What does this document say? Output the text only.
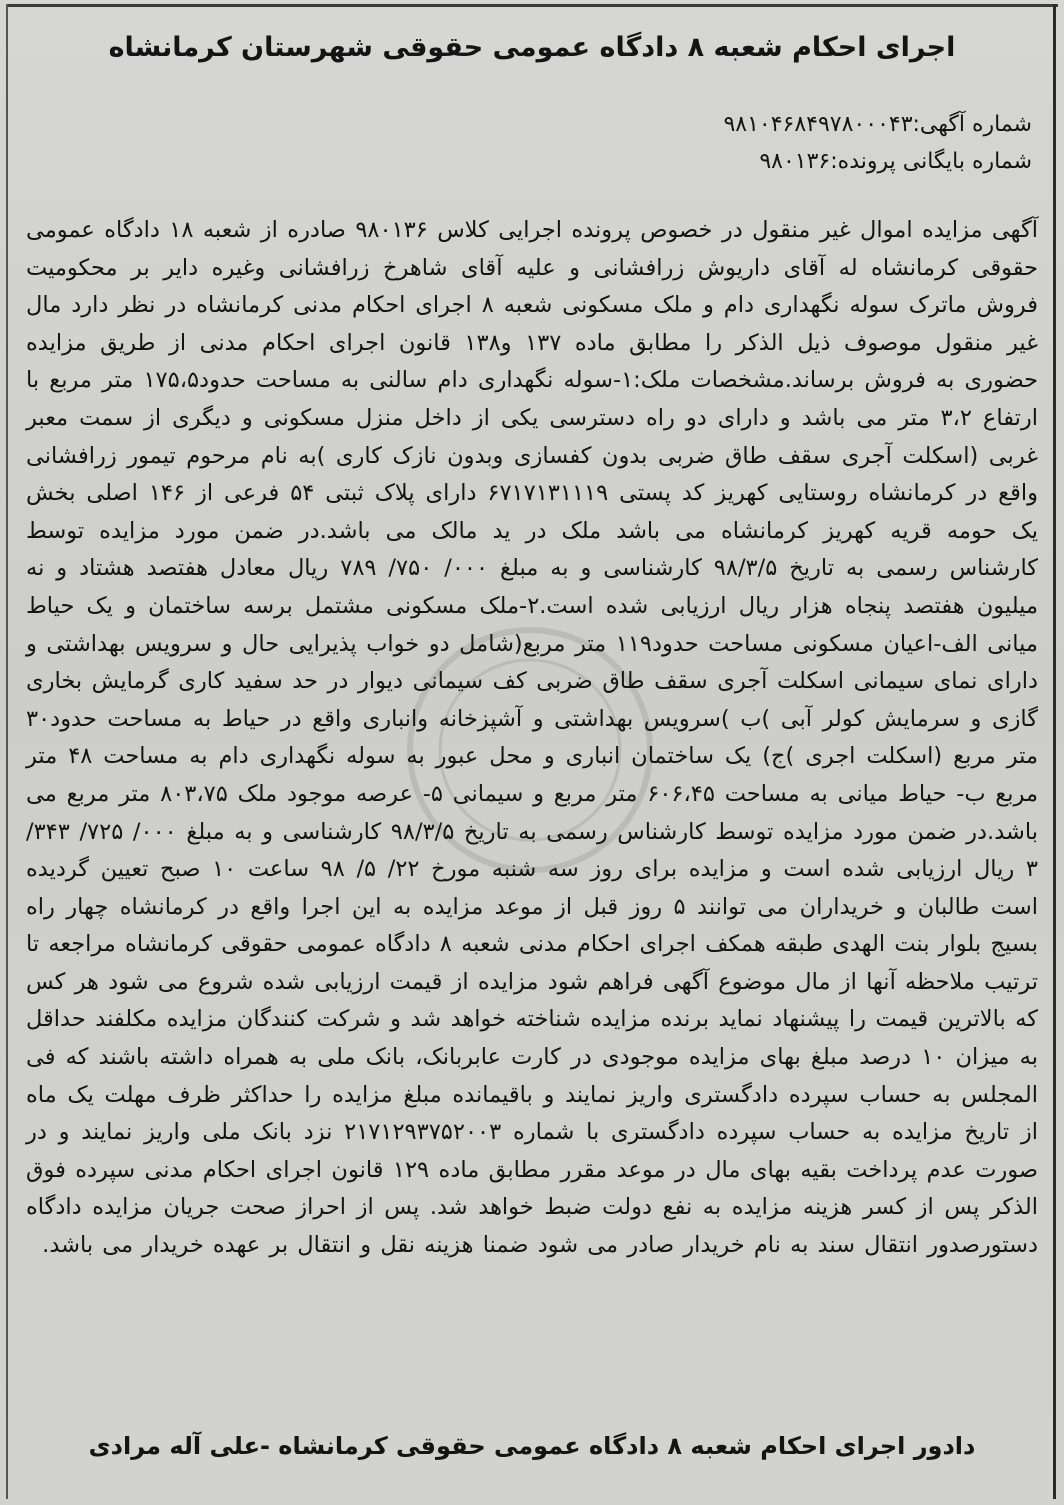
اجرای احکام شعبه ۸ دادگاه عمومی حقوقی شهرستان کرمانشاه
شماره آگهی:۹۸۱۰۴۶۸۴۹۷۸۰۰۰۴۳
شماره بایگانی پرونده:۹۸۰۱۳۶
آگهی مزایده اموال غیر منقول در خصوص پرونده اجرایی کلاس ۹۸۰۱۳۶ صادره از شعبه ۱۸ دادگاه عمومی حقوقی کرمانشاه له آقای داریوش زرافشانی و علیه آقای شاهرخ زرافشانی وغیره دایر بر محکومیت فروش ماترک سوله نگهداری دام و ملک مسکونی شعبه ۸ اجرای احکام مدنی کرمانشاه در نظر دارد مال غیر منقول موصوف ذیل الذکر را مطابق ماده ۱۳۷ و۱۳۸ قانون اجرای احکام مدنی از طریق مزایده حضوری به فروش برساند.مشخصات ملک:۱-سوله نگهداری دام سالنی به مساحت حدود۱۷۵،۵ متر مربع با ارتفاع ۳،۲ متر می باشد و دارای دو راه دسترسی یکی از داخل منزل مسکونی و دیگری از سمت معبر غربی (اسکلت آجری سقف طاق ضربی بدون کفسازی وبدون نازک کاری )به نام مرحوم تیمور زرافشانی واقع در کرمانشاه روستایی کهریز کد پستی ۶۷۱۷۱۳۱۱۱۹ دارای پلاک ثبتی ۵۴ فرعی از ۱۴۶ اصلی بخش یک حومه قریه کهریز کرمانشاه می باشد ملک در ید مالک می باشد.در ضمن مورد مزایده توسط کارشناس رسمی به تاریخ ۹۸/۳/۵ کارشناسی و به مبلغ ۰۰۰/ ۷۵۰/ ۷۸۹ ریال معادل هفتصد هشتاد و نه میلیون هفتصد پنجاه هزار ریال ارزیابی شده است.۲-ملک مسکونی مشتمل برسه ساختمان و یک حیاط میانی الف-اعیان مسکونی مساحت حدود۱۱۹ متر مربع(شامل دو خواب پذیرایی حال و سرویس بهداشتی و دارای نمای سیمانی اسکلت آجری سقف طاق ضربی کف سیمانی دیوار در حد سفید کاری گرمایش بخاری گازی و سرمایش کولر آبی )ب )سرویس بهداشتی و آشپزخانه وانباری واقع در حیاط به مساحت حدود۳۰ متر مربع (اسکلت اجری )ج) یک ساختمان انباری و محل عبور به سوله نگهداری دام به مساحت ۴۸ متر مربع ب- حیاط میانی به مساحت ۶۰۶،۴۵ متر مربع و سیمانی ۵- عرصه موجود ملک ۸۰۳،۷۵ متر مربع می باشد.در ضمن مورد مزایده توسط کارشناس رسمی به تاریخ ۹۸/۳/۵ کارشناسی و به مبلغ ۰۰۰/ ۷۲۵/ ۳۴۳/ ۳ ریال ارزیابی شده است و مزایده برای روز سه شنبه مورخ ۲۲/ ۵/ ۹۸ ساعت ۱۰ صبح تعیین گردیده است طالبان و خریداران می توانند ۵ روز قبل از موعد مزایده به این اجرا واقع در کرمانشاه چهار راه بسیج بلوار بنت الهدی طبقه همکف اجرای احکام مدنی شعبه ۸ دادگاه عمومی حقوقی کرمانشاه مراجعه تا ترتیب ملاحظه آنها از مال موضوع آگهی فراهم شود مزایده از قیمت ارزیابی شده شروع می شود هر کس که بالاترین قیمت را پیشنهاد نماید برنده مزایده شناخته خواهد شد و شرکت کنندگان مزایده مکلفند حداقل به میزان ۱۰ درصد مبلغ بهای مزایده موجودی در کارت عابربانک، بانک ملی به همراه داشته باشند که فی المجلس به حساب سپرده دادگستری واریز نمایند و باقیمانده مبلغ مزایده را حداکثر ظرف مهلت یک ماه از تاریخ مزایده به حساب سپرده دادگستری با شماره ۲۱۷۱۲۹۳۷۵۲۰۰۳ نزد بانک ملی واریز نمایند و در صورت عدم پرداخت بقیه بهای مال در موعد مقرر مطابق ماده ۱۲۹ قانون اجرای احکام مدنی سپرده فوق الذکر پس از کسر هزینه مزایده به نفع دولت ضبط خواهد شد. پس از احراز صحت جریان مزایده دادگاه دستورصدور انتقال سند به نام خریدار صادر می شود ضمنا هزینه نقل و انتقال بر عهده خریدار می باشد.
دادور اجرای احکام شعبه ۸ دادگاه عمومی حقوقی کرمانشاه -علی آله مرادی
